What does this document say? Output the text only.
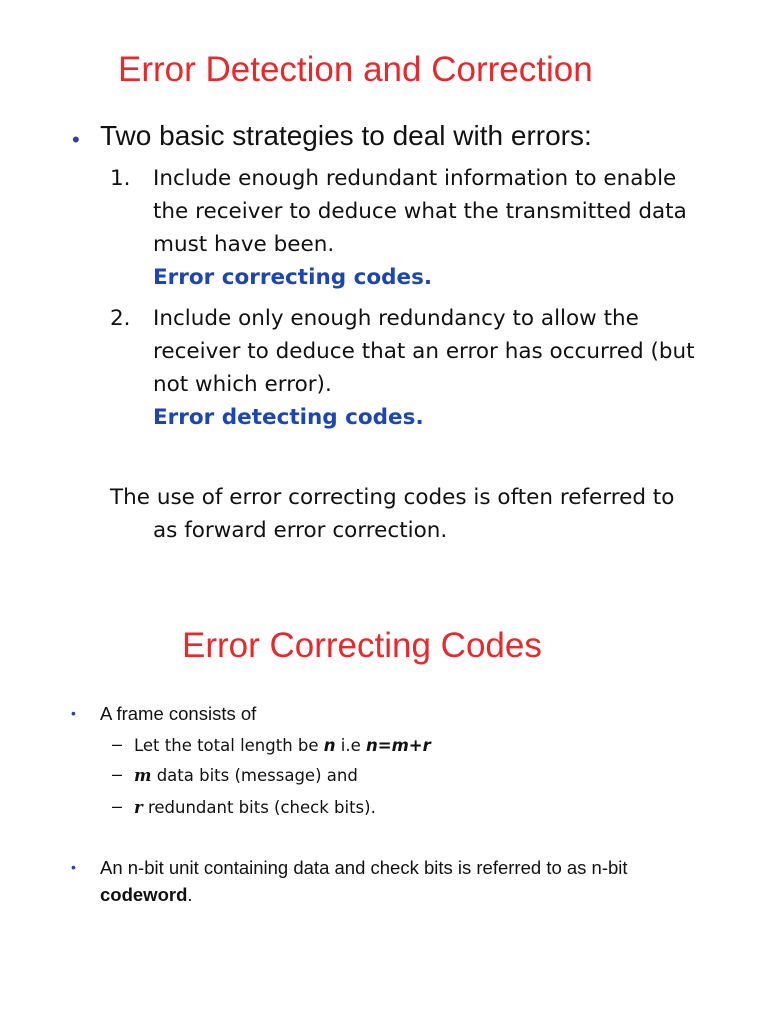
Error Detection and Correction
• Two basic strategies to deal with errors:
1. Include enough redundant information to enable
the receiver to deduce what the transmitted data
must have been.
Error correcting codes.
2. Include only enough redundancy to allow the
receiver to deduce that an error has occurred (but
not which error).
Error detecting codes.
The use of error correcting codes is often referred to
as forward error correction.
Error Correcting Codes
• A frame consists of
– Let the total length be n i.e n=m+r
– m data bits (message) and
– r redundant bits (check bits).
• An n-bit unit containing data and check bits is referred to as n-bit
codeword.
